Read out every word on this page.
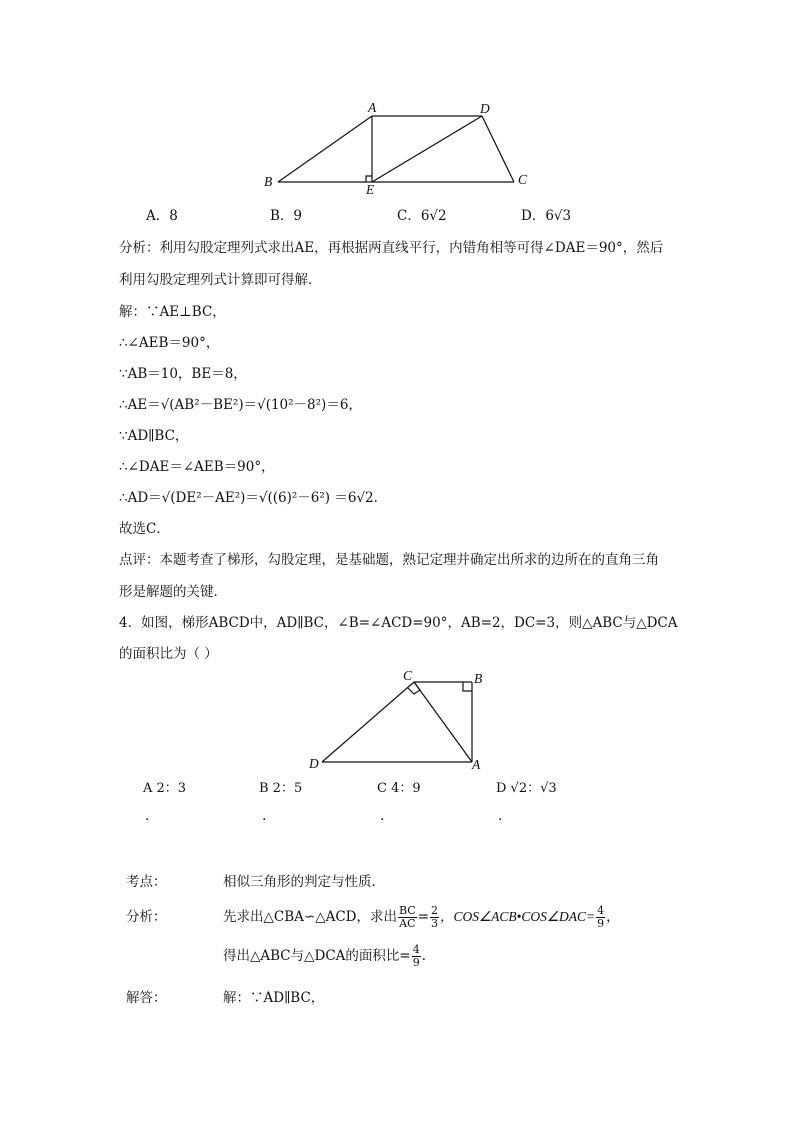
A	D
B
E
C
A．8	B．9	C．6√2	D．6√3
分析：利用勾股定理列式求出AE，再根据两直线平行，内错角相等可得∠DAE＝90°，然后
利用勾股定理列式计算即可得解．
解：∵AE⊥BC，
∴∠AEB＝90°，
∵AB＝10，BE＝8，
∴AE＝√(AB²－BE²)＝√(10²－8²)＝6，
∵AD∥BC，
∴∠DAE＝∠AEB＝90°，
∴AD＝√(DE²－AE²)＝√((6)²－6²) ＝6√2．
故选C．
点评：本题考查了梯形，勾股定理，是基础题，熟记定理并确定出所求的边所在的直角三角
形是解题的关键．
4．如图，梯形ABCD中，AD∥BC，∠B=∠ACD=90°，AB=2，DC=3，则△ABC与△DCA
的面积比为（ ）
C	B
D	A
A 2：3	B 2：5	C 4：9	D √2：√3
.	.	.	.
考点：	相似三角形的判定与性质．
分析：	先求出△CBA∽△ACD，求出 $\frac{BC}{AC} = \frac{2}{3}$ ，COS∠ACB•COS∠DAC= $\frac{4}{9}$ ，
得出△ABC与△DCA的面积比= $\frac{4}{9}$ ．
解答：	解：∵AD∥BC，
